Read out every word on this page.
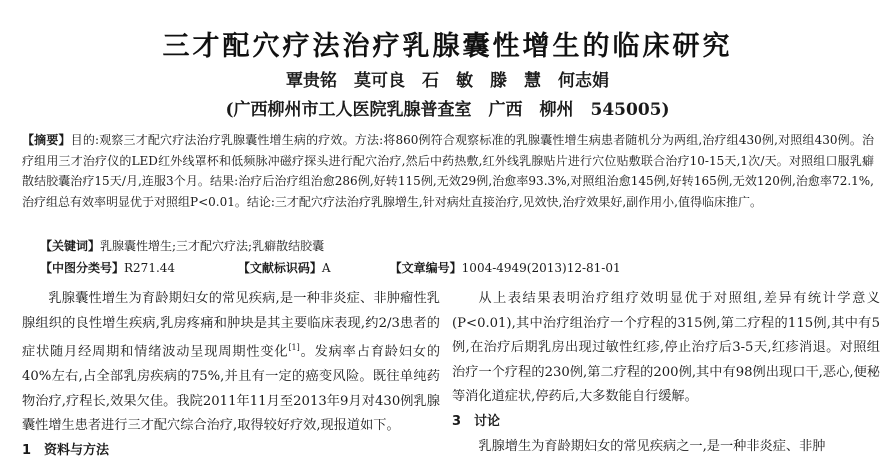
三才配穴疗法治疗乳腺囊性增生的临床研究
覃贵铭　莫可良　石　敏　滕　慧　何志娟
(广西柳州市工人医院乳腺普查室　广西　柳州　545005)
【摘要】目的:观察三才配穴疗法治疗乳腺囊性增生病的疗效。方法:将860例符合观察标准的乳腺囊性增生病患者随机分为两组,治疗组430例,对照组430例。治疗组用三才治疗仪的LED红外线罩杯和低频脉冲磁疗探头进行配穴治疗,然后中药热敷,红外线乳腺贴片进行穴位贴敷联合治疗10-15天,1次/天。对照组口服乳癖散结胶囊治疗15天/月,连服3个月。结果:治疗后治疗组治愈286例,好转115例,无效29例,治愈率93.3%,对照组治愈145例,好转165例,无效120例,治愈率72.1%,治疗组总有效率明显优于对照组P<0.01。结论:三才配穴疗法治疗乳腺增生,针对病灶直接治疗,见效快,治疗效果好,副作用小,值得临床推广。
【关键词】乳腺囊性增生;三才配穴疗法;乳癖散结胶囊
【中图分类号】R271.44	【文献标识码】A	【文章编号】1004-4949(2013)12-81-01

乳腺囊性增生为育龄期妇女的常见疾病,是一种非炎症、非肿瘤性乳腺组织的良性增生疾病,乳房疼痛和肿块是其主要临床表现,约2/3患者的症状随月经周期和情绪波动呈现周期性变化[1]。发病率占育龄妇女的40%左右,占全部乳房疾病的75%,并且有一定的癌变风险。既往单纯药物治疗,疗程长,效果欠佳。我院2011年11月至2013年9月对430例乳腺囊性增生患者进行三才配穴综合治疗,取得较好疗效,现报道如下。

1　资料与方法

从上表结果表明治疗组疗效明显优于对照组,差异有统计学意义(P<0.01),其中治疗组治疗一个疗程的315例,第二疗程的115例,其中有5例,在治疗后期乳房出现过敏性红疹,停止治疗后3-5天,红疹消退。对照组治疗一个疗程的230例,第二疗程的200例,其中有98例出现口干,恶心,便秘等消化道症状,停药后,大多数能自行缓解。

3　讨论

乳腺增生为育龄期妇女的常见疾病之一,是一种非炎症、非肿
